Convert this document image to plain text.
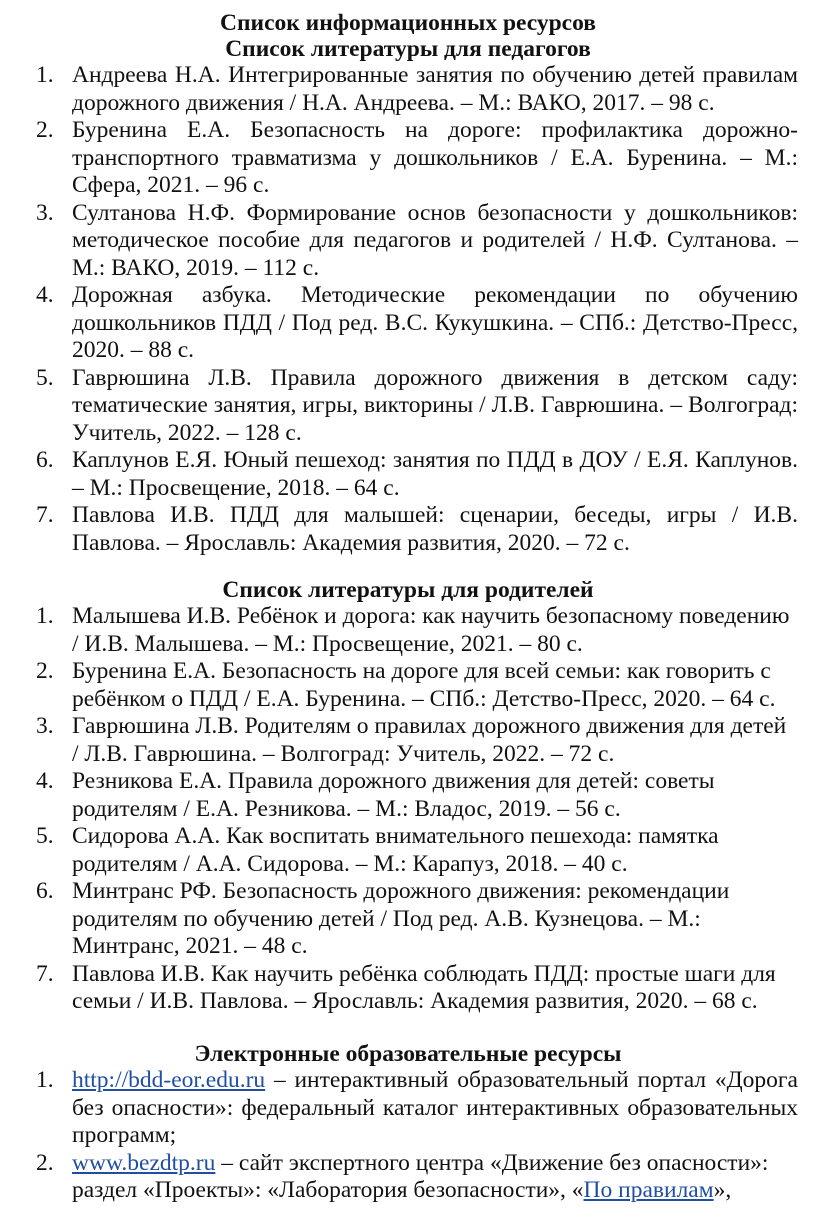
Список информационных ресурсов
Список литературы для педагогов
1. Андреева Н.А. Интегрированные занятия по обучению детей правилам дорожного движения / Н.А. Андреева. – М.: ВАКО, 2017. – 98 с.
2. Буренина Е.А. Безопасность на дороге: профилактика дорожно-транспортного травматизма у дошкольников / Е.А. Буренина. – М.: Сфера, 2021. – 96 с.
3. Султанова Н.Ф. Формирование основ безопасности у дошкольников: методическое пособие для педагогов и родителей / Н.Ф. Султанова. – М.: ВАКО, 2019. – 112 с.
4. Дорожная азбука. Методические рекомендации по обучению дошкольников ПДД / Под ред. В.С. Кукушкина. – СПб.: Детство-Пресс, 2020. – 88 с.
5. Гаврюшина Л.В. Правила дорожного движения в детском саду: тематические занятия, игры, викторины / Л.В. Гаврюшина. – Волгоград: Учитель, 2022. – 128 с.
6. Каплунов Е.Я. Юный пешеход: занятия по ПДД в ДОУ / Е.Я. Каплунов. – М.: Просвещение, 2018. – 64 с.
7. Павлова И.В. ПДД для малышей: сценарии, беседы, игры / И.В. Павлова. – Ярославль: Академия развития, 2020. – 72 с.
Список литературы для родителей
1. Малышева И.В. Ребёнок и дорога: как научить безопасному поведению / И.В. Малышева. – М.: Просвещение, 2021. – 80 с.
2. Буренина Е.А. Безопасность на дороге для всей семьи: как говорить с ребёнком о ПДД / Е.А. Буренина. – СПб.: Детство-Пресс, 2020. – 64 с.
3. Гаврюшина Л.В. Родителям о правилах дорожного движения для детей / Л.В. Гаврюшина. – Волгоград: Учитель, 2022. – 72 с.
4. Резникова Е.А. Правила дорожного движения для детей: советы родителям / Е.А. Резникова. – М.: Владос, 2019. – 56 с.
5. Сидорова А.А. Как воспитать внимательного пешехода: памятка родителям / А.А. Сидорова. – М.: Карапуз, 2018. – 40 с.
6. Минтранс РФ. Безопасность дорожного движения: рекомендации родителям по обучению детей / Под ред. А.В. Кузнецова. – М.: Минтранс, 2021. – 48 с.
7. Павлова И.В. Как научить ребёнка соблюдать ПДД: простые шаги для семьи / И.В. Павлова. – Ярославль: Академия развития, 2020. – 68 с.
Электронные образовательные ресурсы
1. http://bdd-eor.edu.ru – интерактивный образовательный портал «Дорога без опасности»: федеральный каталог интерактивных образовательных программ;
2. www.bezdtp.ru – сайт экспертного центра «Движение без опасности»: раздел «Проекты»: «Лаборатория безопасности», «По правилам»,
